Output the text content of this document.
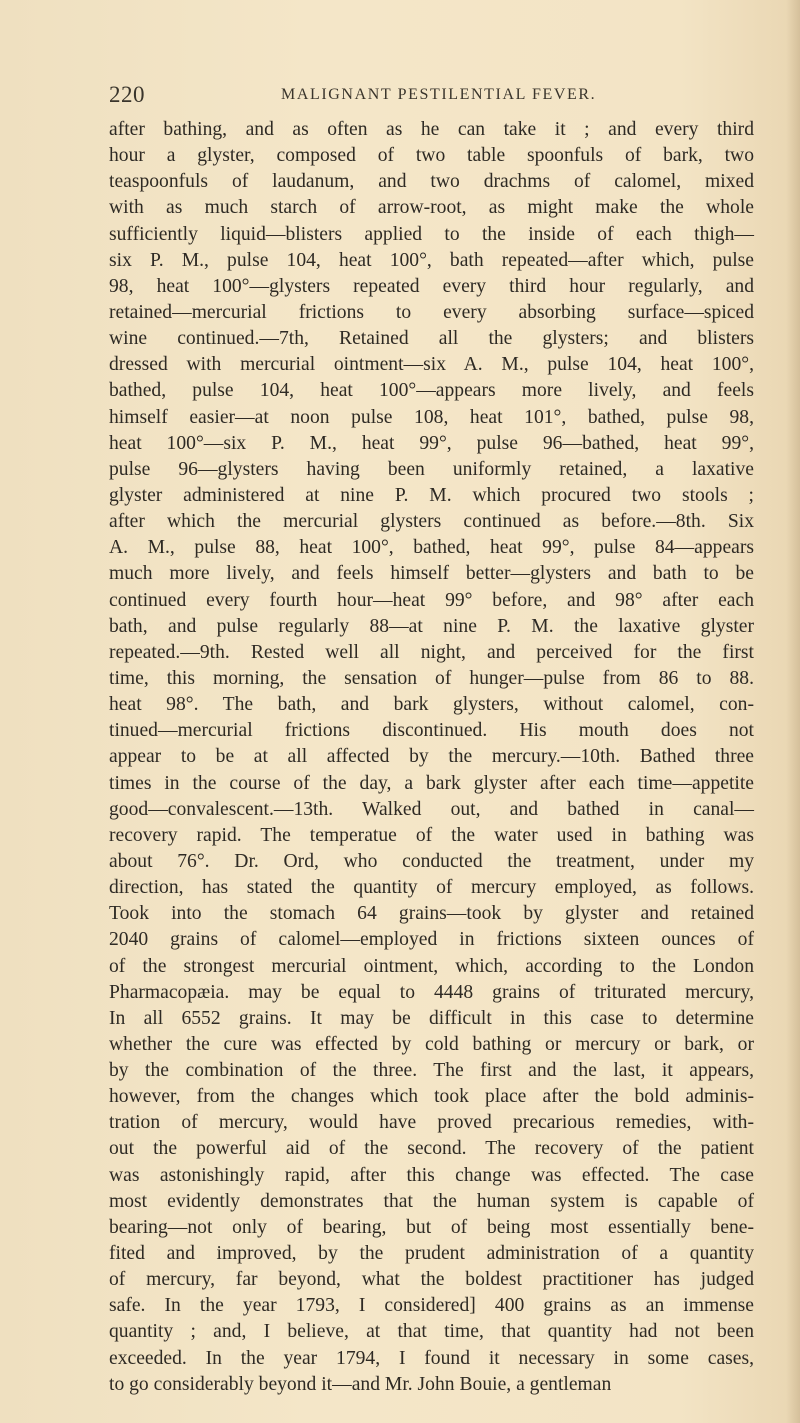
220	MALIGNANT PESTILENTIAL FEVER.
after bathing, and as often as he can take it ; and every third
hour a glyster, composed of two table spoonfuls of bark, two
teaspoonfuls of laudanum, and two drachms of calomel, mixed
with as much starch of arrow-root, as might make the whole
sufficiently liquid—blisters applied to the inside of each thigh—
six P. M., pulse 104, heat 100°, bath repeated—after which, pulse
98, heat 100°—glysters repeated every third hour regularly, and
retained—mercurial frictions to every absorbing surface—spiced
wine continued.—7th, Retained all the glysters; and blisters
dressed with mercurial ointment—six A. M., pulse 104, heat 100°,
bathed, pulse 104, heat 100°—appears more lively, and feels
himself easier—at noon pulse 108, heat 101°, bathed, pulse 98,
heat 100°—six P. M., heat 99°, pulse 96—bathed, heat 99°,
pulse 96—glysters having been uniformly retained, a laxative
glyster administered at nine P. M. which procured two stools ;
after which the mercurial glysters continued as before.—8th. Six
A. M., pulse 88, heat 100°, bathed, heat 99°, pulse 84—appears
much more lively, and feels himself better—glysters and bath to be
continued every fourth hour—heat 99° before, and 98° after each
bath, and pulse regularly 88—at nine P. M. the laxative glyster
repeated.—9th. Rested well all night, and perceived for the first
time, this morning, the sensation of hunger—pulse from 86 to 88.
heat 98°. The bath, and bark glysters, without calomel, con-
tinued—mercurial frictions discontinued. His mouth does not
appear to be at all affected by the mercury.—10th. Bathed three
times in the course of the day, a bark glyster after each time—appetite
good—convalescent.—13th. Walked out, and bathed in canal—
recovery rapid. The temperatue of the water used in bathing was
about 76°. Dr. Ord, who conducted the treatment, under my
direction, has stated the quantity of mercury employed, as follows.
Took into the stomach 64 grains—took by glyster and retained
2040 grains of calomel—employed in frictions sixteen ounces of
of the strongest mercurial ointment, which, according to the London
Pharmacopæia. may be equal to 4448 grains of triturated mercury,
In all 6552 grains. It may be difficult in this case to determine
whether the cure was effected by cold bathing or mercury or bark, or
by the combination of the three. The first and the last, it appears,
however, from the changes which took place after the bold adminis-
tration of mercury, would have proved precarious remedies, with-
out the powerful aid of the second. The recovery of the patient
was astonishingly rapid, after this change was effected. The case
most evidently demonstrates that the human system is capable of
bearing—not only of bearing, but of being most essentially bene-
fited and improved, by the prudent administration of a quantity
of mercury, far beyond, what the boldest practitioner has judged
safe. In the year 1793, I considered] 400 grains as an immense
quantity ; and, I believe, at that time, that quantity had not been
exceeded. In the year 1794, I found it necessary in some cases,
to go considerably beyond it—and Mr. John Bouie, a gentleman
